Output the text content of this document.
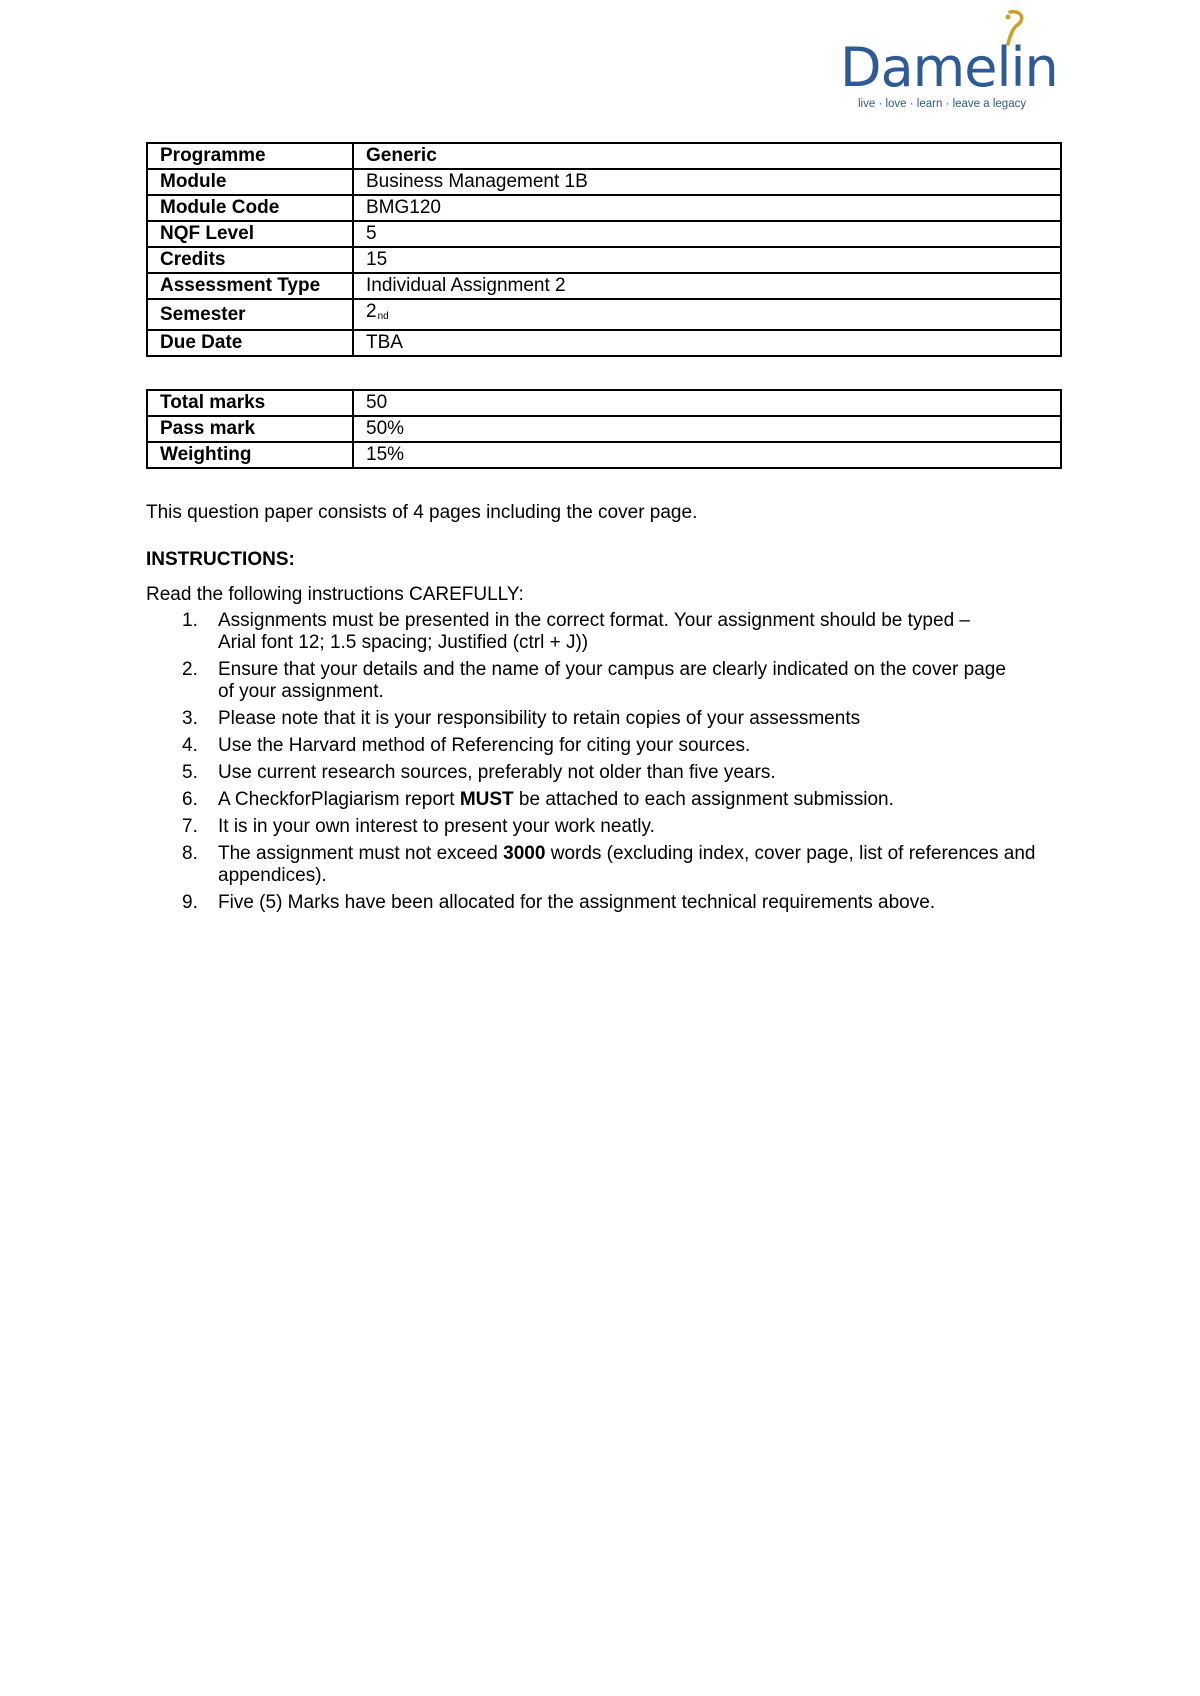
Damelin
live · love · learn · leave a legacy
Programme	Generic
Module	Business Management 1B
Module Code	BMG120
NQF Level	5
Credits	15
Assessment Type	Individual Assignment 2
Semester	2nd
Due Date	TBA
Total marks	50
Pass mark	50%
Weighting	15%
This question paper consists of 4 pages including the cover page.
INSTRUCTIONS:
Read the following instructions CAREFULLY:
1. Assignments must be presented in the correct format. Your assignment should be typed –
Arial font 12; 1.5 spacing; Justified (ctrl + J))
2. Ensure that your details and the name of your campus are clearly indicated on the cover page
of your assignment.
3. Please note that it is your responsibility to retain copies of your assessments
4. Use the Harvard method of Referencing for citing your sources.
5. Use current research sources, preferably not older than five years.
6. A CheckforPlagiarism report MUST be attached to each assignment submission.
7. It is in your own interest to present your work neatly.
8. The assignment must not exceed 3000 words (excluding index, cover page, list of references and
appendices).
9. Five (5) Marks have been allocated for the assignment technical requirements above.
